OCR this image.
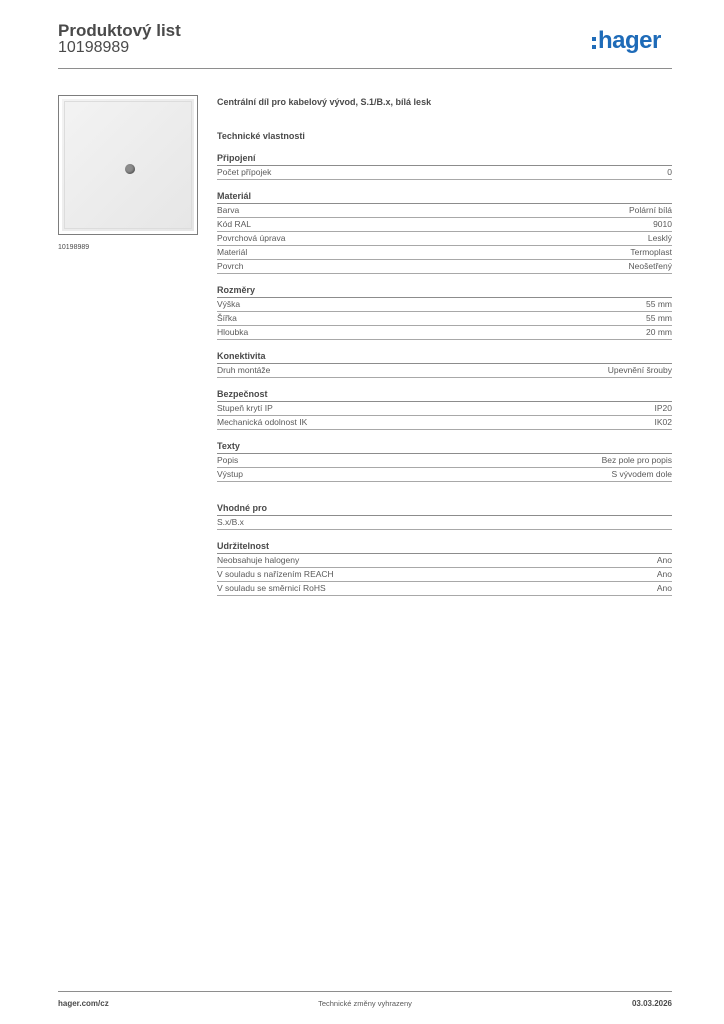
Produktový list
10198989	hager
10198989
Centrální díl pro kabelový vývod, S.1/B.x, bílá lesk
Technické vlastnosti
Připojení
Počet přípojek	0
Materiál
Barva	Polární bílá
Kód RAL	9010
Povrchová úprava	Lesklý
Materiál	Termoplast
Povrch	Neošetřený
Rozměry
Výška	55 mm
Šířka	55 mm
Hloubka	20 mm
Konektivita
Druh montáže	Upevnění šrouby
Bezpečnost
Stupeň krytí IP	IP20
Mechanická odolnost IK	IK02
Texty
Popis	Bez pole pro popis
Výstup	S vývodem dole
Vhodné pro
S.x/B.x
Udržitelnost
Neobsahuje halogeny	Ano
V souladu s nařízením REACH	Ano
V souladu se směrnicí RoHS	Ano
hager.com/cz	Technické změny vyhrazeny	03.03.2026
